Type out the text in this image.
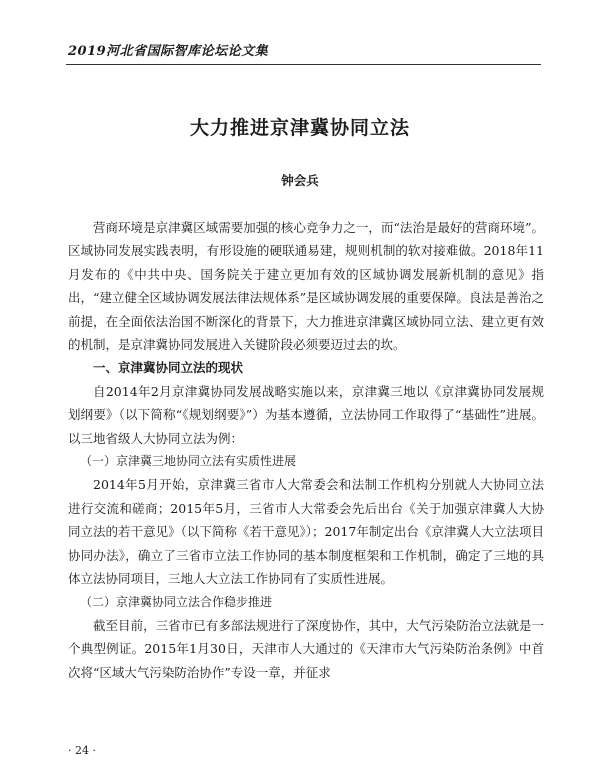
2019河北省国际智库论坛论文集
大力推进京津冀协同立法
钟会兵

营商环境是京津冀区域需要加强的核心竞争力之一，而“法治是最好的营商环境”。区域协同发展实践表明，有形设施的硬联通易建，规则机制的软对接难做。2018年11月发布的《中共中央、国务院关于建立更加有效的区域协调发展新机制的意见》指出，“建立健全区域协调发展法律法规体系”是区域协调发展的重要保障。良法是善治之前提，在全面依法治国不断深化的背景下，大力推进京津冀区域协同立法、建立更有效的机制，是京津冀协同发展进入关键阶段必须要迈过去的坎。

一、京津冀协同立法的现状

自2014年2月京津冀协同发展战略实施以来，京津冀三地以《京津冀协同发展规划纲要》（以下简称“《规划纲要》”）为基本遵循，立法协同工作取得了“基础性”进展。以三地省级人大协同立法为例：

（一）京津冀三地协同立法有实质性进展

2014年5月开始，京津冀三省市人大常委会和法制工作机构分别就人大协同立法进行交流和磋商；2015年5月，三省市人大常委会先后出台《关于加强京津冀人大协同立法的若干意见》（以下简称《若干意见》）；2017年制定出台《京津冀人大立法项目协同办法》，确立了三省市立法工作协同的基本制度框架和工作机制，确定了三地的具体立法协同项目，三地人大立法工作协同有了实质性进展。

（二）京津冀协同立法合作稳步推进

截至目前，三省市已有多部法规进行了深度协作，其中，大气污染防治立法就是一个典型例证。2015年1月30日，天津市人大通过的《天津市大气污染防治条例》中首次将“区域大气污染防治协作”专设一章，并征求

· 24 ·
